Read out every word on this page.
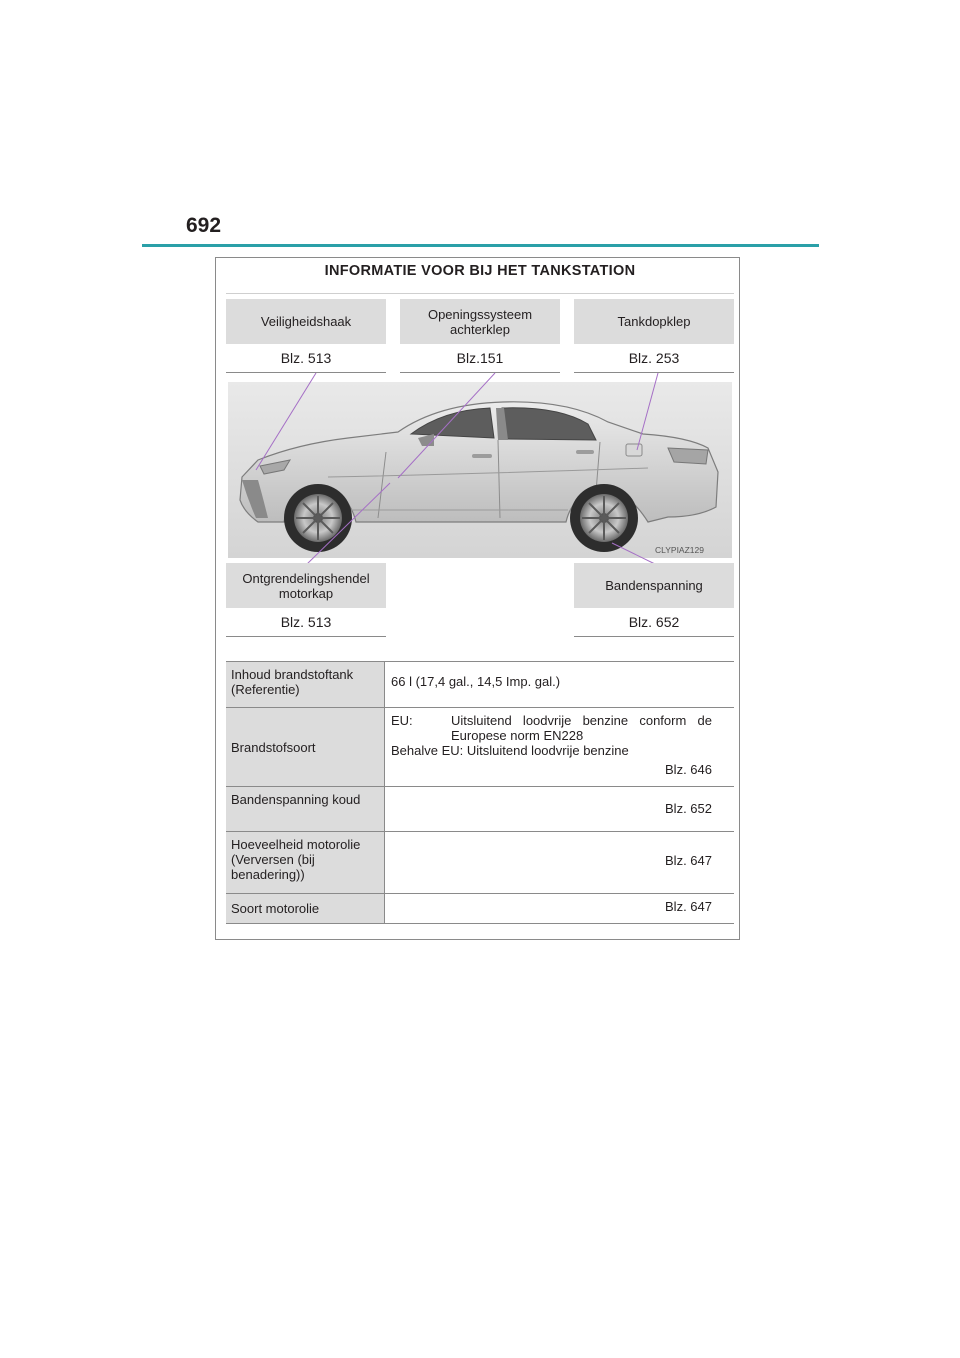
692
INFORMATIE VOOR BIJ HET TANKSTATION
Veiligheidshaak
Blz. 513
Openingssysteem achterklep
Blz.151
Tankdopklep
Blz. 253
CLYPIAZ129
Ontgrendelingshendel motorkap
Blz. 513
Bandenspanning
Blz. 652
Inhoud brandstoftank (Referentie)
66 l (17,4 gal., 14,5 Imp. gal.)
Brandstofsoort
EU:	Uitsluitend loodvrije benzine conform de Europese norm EN228
Behalve EU: Uitsluitend loodvrije benzine
Blz. 646
Bandenspanning koud
Blz. 652
Hoeveelheid motorolie (Verversen (bij benadering))
Blz. 647
Soort motorolie	Blz. 647
